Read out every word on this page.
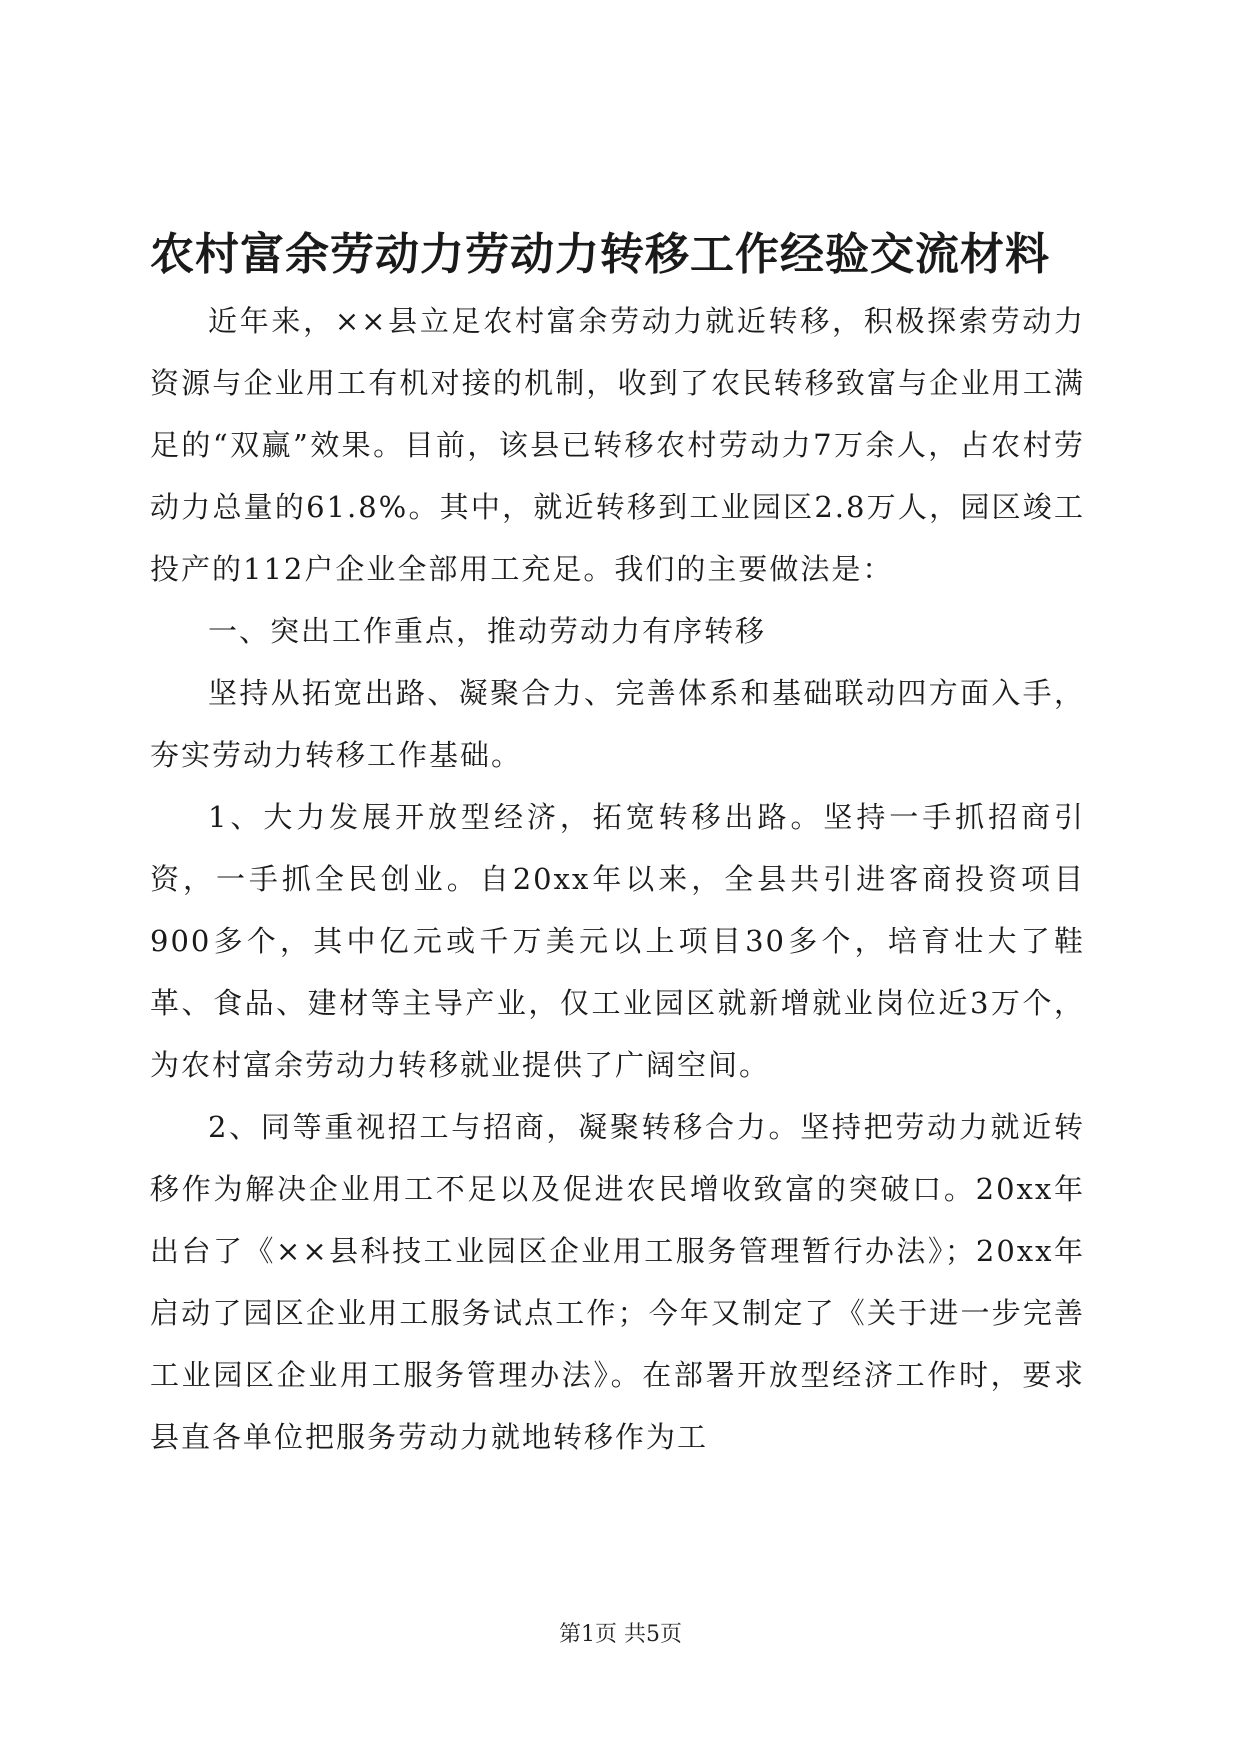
农村富余劳动力劳动力转移工作经验交流材料

近年来，××县立足农村富余劳动力就近转移，积极探索劳动力资源与企业用工有机对接的机制，收到了农民转移致富与企业用工满足的“双赢”效果。目前，该县已转移农村劳动力7万余人，占农村劳动力总量的61.8%。其中，就近转移到工业园区2.8万人，园区竣工投产的112户企业全部用工充足。我们的主要做法是：

一、突出工作重点，推动劳动力有序转移

坚持从拓宽出路、凝聚合力、完善体系和基础联动四方面入手，夯实劳动力转移工作基础。

1、大力发展开放型经济，拓宽转移出路。坚持一手抓招商引资，一手抓全民创业。自20xx年以来，全县共引进客商投资项目900多个，其中亿元或千万美元以上项目30多个，培育壮大了鞋革、食品、建材等主导产业，仅工业园区就新增就业岗位近3万个，为农村富余劳动力转移就业提供了广阔空间。

2、同等重视招工与招商，凝聚转移合力。坚持把劳动力就近转移作为解决企业用工不足以及促进农民增收致富的突破口。20xx年出台了《××县科技工业园区企业用工服务管理暂行办法》；20xx年启动了园区企业用工服务试点工作；今年又制定了《关于进一步完善工业园区企业用工服务管理办法》。在部署开放型经济工作时，要求县直各单位把服务劳动力就地转移作为工

第1页 共5页
